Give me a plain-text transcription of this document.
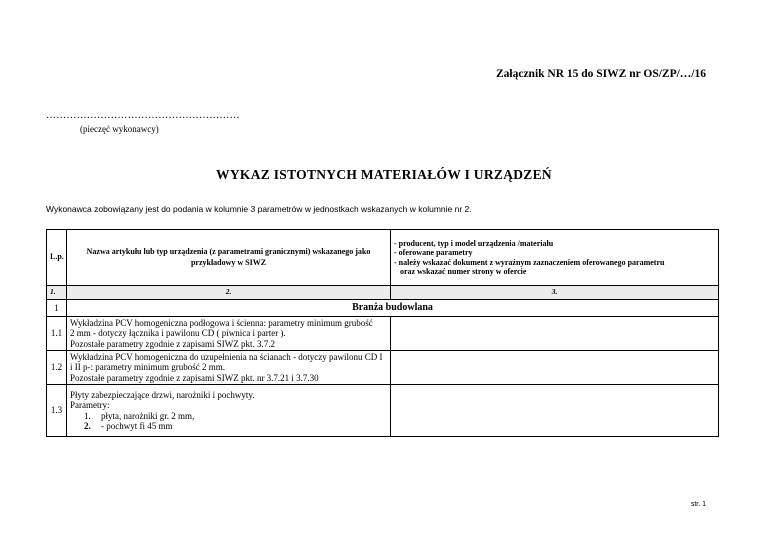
Załącznik NR 15 do SIWZ nr OS/ZP/…/16
…………………………………………………
(pieczęć wykonawcy)
WYKAZ ISTOTNYCH MATERIAŁÓW I URZĄDZEŃ
Wykonawca zobowiązany jest do podania w kolumnie 3 parametrów w jednostkach wskazanych w kolumnie nr 2.
L.p.	Nazwa artykułu lub typ urządzenia (z parametrami granicznymi) wskazanego jako przykładowy w SIWZ	- producent, typ i model urządzenia /materiału
- oferowane parametry
- należy wskazać dokument z wyraźnym zaznaczeniem oferowanego parametru
oraz wskazać numer strony w ofercie

1.	2.	3.
1	Branża budowlana	
1.1	Wykładzina PCV homogeniczna podłogowa i ścienna: parametry minimum grubość
2 mm - dotyczy łącznika i pawilonu CD ( piwnica i parter ).
Pozostałe parametry zgodnie z zapisami SIWZ pkt. 3.7.2	

1.2	Wykładzina PCV homogeniczna do uzupełnienia na ścianach - dotyczy pawilonu CD I
i II p-: parametry minimum grubość 2 mm.
Pozostałe parametry zgodnie z zapisami SIWZ pkt. nr 3.7.21 i 3.7.30	

1.3	Płyty zabezpieczające drzwi, narożniki i pochwyty.
Parametry:
1. płyta, narożniki gr. 2 mm,
2. - pochwyt fi 45 mm	

str. 1
